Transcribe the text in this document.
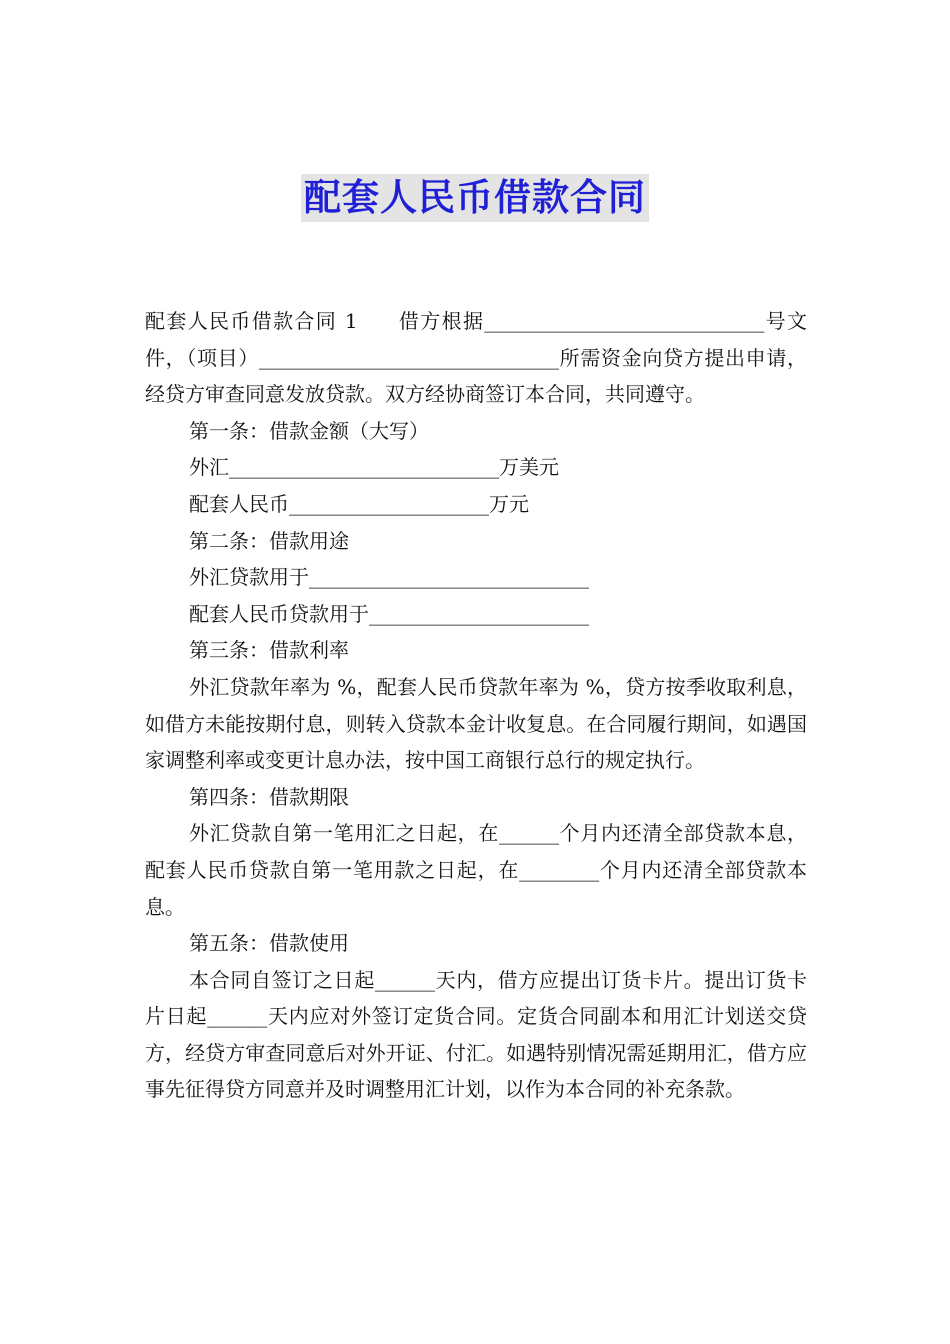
配套人民币借款合同

配套人民币借款合同 1 借方根据____________________________号文件，（项目）______________________________所需资金向贷方提出申请，经贷方审查同意发放贷款。双方经协商签订本合同，共同遵守。

第一条：借款金额（大写）

外汇___________________________万美元

配套人民币____________________万元

第二条：借款用途

外汇贷款用于____________________________

配套人民币贷款用于______________________

第三条：借款利率

外汇贷款年率为 %，配套人民币贷款年率为 %，贷方按季收取利息，如借方未能按期付息，则转入贷款本金计收复息。在合同履行期间，如遇国家调整利率或变更计息办法，按中国工商银行总行的规定执行。

第四条：借款期限

外汇贷款自第一笔用汇之日起，在______个月内还清全部贷款本息，配套人民币贷款自第一笔用款之日起，在________个月内还清全部贷款本息。

第五条：借款使用

本合同自签订之日起______天内，借方应提出订货卡片。提出订货卡片日起______天内应对外签订定货合同。定货合同副本和用汇计划送交贷方，经贷方审查同意后对外开证、付汇。如遇特别情况需延期用汇，借方应事先征得贷方同意并及时调整用汇计划，以作为本合同的补充条款。
